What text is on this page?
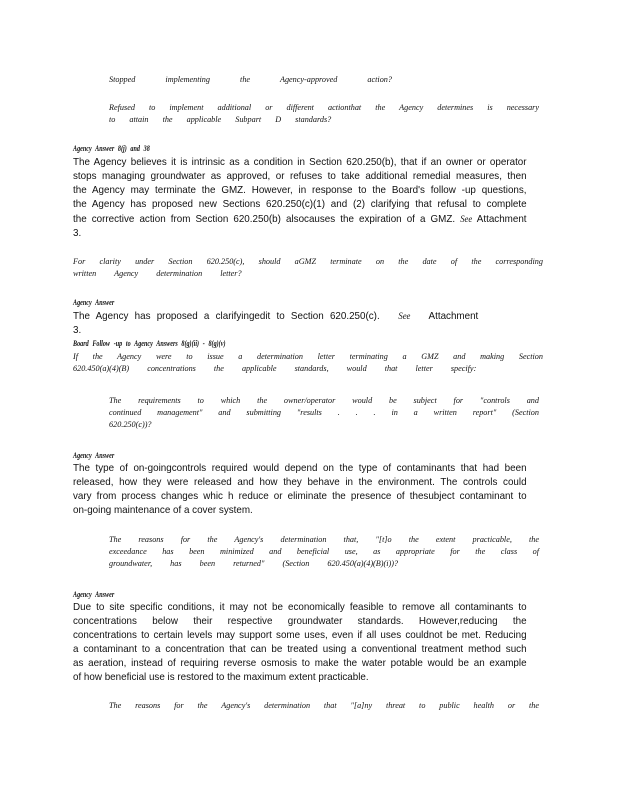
Stopped implementing the Agency-approved action?
Refused to implement additional or different actionthat the Agency determines is necessary
to attain the applicable Subpart D standards?
Agency Answer 8(j) and 38
The Agency believes it is intrinsic as a condition in Section 620.250(b), that if an owner or operator
stops managing groundwater as approved, or refuses to take additional remedial measures, then
the Agency may terminate the GMZ. However, in response to the Board's follow -up questions,
the Agency has proposed new Sections 620.250(c)(1) and (2) clarifying that refusal to complete
the corrective action from Section 620.250(b) alsocauses the expiration of a GMZ. See Attachment
3.
For clarity under Section 620.250(c), should aGMZ terminate on the date of the corresponding
written Agency determination letter?
Agency Answer
The Agency has proposed a clarifyingedit to Section 620.250(c). See Attachment 3.
Board Follow -up to Agency Answers 8(g)(ii) - 8(g)(v)
If the Agency were to issue a determination letter terminating a GMZ and making Section
620.450(a)(4)(B) concentrations the applicable standards, would that letter specify:
The requirements to which the owner/operator would be subject for "controls and
continued management" and submitting "results . . . in a written report" (Section
620.250(c))?
Agency Answer
The type of on-goingcontrols required would depend on the type of contaminants that had been
released, how they were released and how they behave in the environment. The controls could
vary from process changes whic h reduce or eliminate the presence of thesubject contaminant to
on-going maintenance of a cover system.
The reasons for the Agency's determination that, "[t]o the extent practicable, the
exceedance has been minimized and beneficial use, as appropriate for the class of
groundwater, has been returned" (Section 620.450(a)(4)(B)(i))?
Agency Answer
Due to site specific conditions, it may not be economically feasible to remove all contaminants to
concentrations below their respective groundwater standards. However,reducing the
concentrations to certain levels may support some uses, even if all uses couldnot be met. Reducing
a contaminant to a concentration that can be treated using a conventional treatment method such
as aeration, instead of requiring reverse osmosis to make the water potable would be an example
of how beneficial use is restored to the maximum extent practicable.
The reasons for the Agency's determination that "[a]ny threat to public health or the
